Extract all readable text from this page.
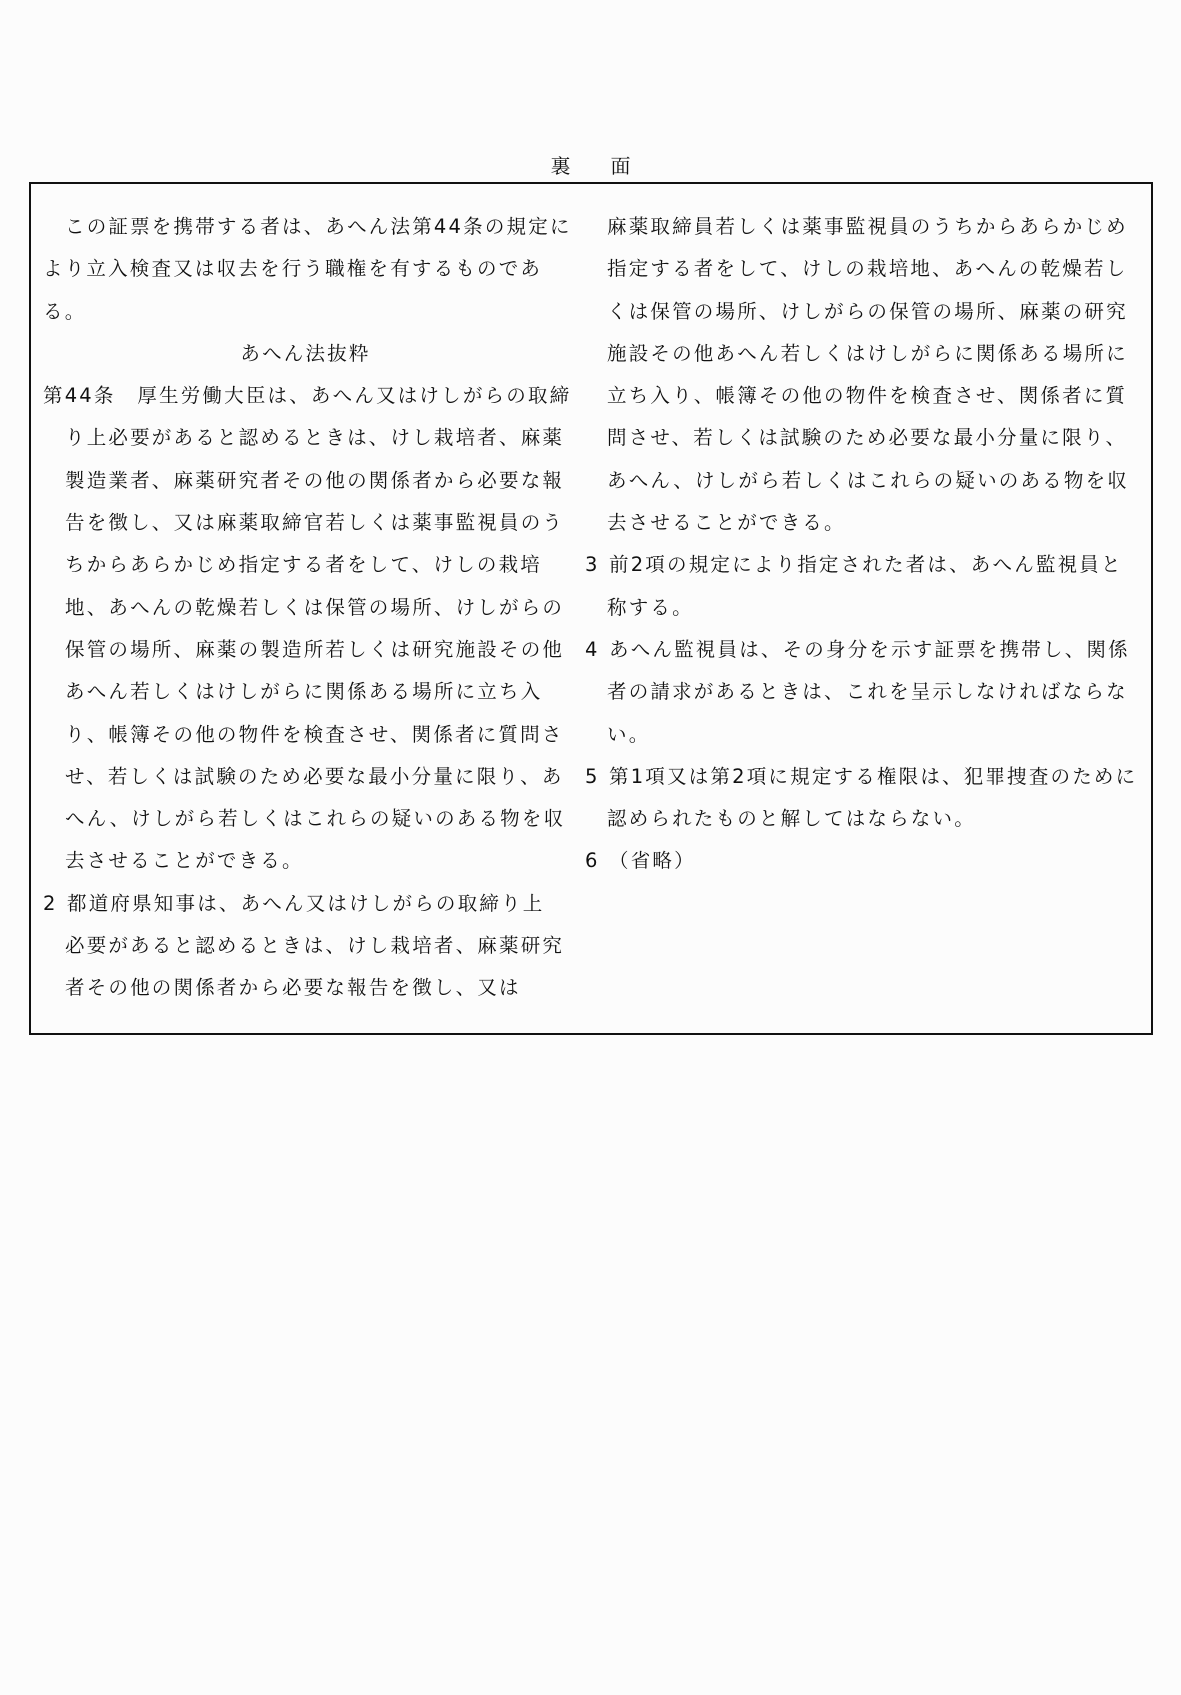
裏 面
この証票を携帯する者は、あへん法第44条の規定に
より立入検査又は収去を行う職権を有するものであ
る。
あへん法抜粋
第44条　厚生労働大臣は、あへん又はけしがらの取締
り上必要があると認めるときは、けし栽培者、麻薬
製造業者、麻薬研究者その他の関係者から必要な報
告を徴し、又は麻薬取締官若しくは薬事監視員のう
ちからあらかじめ指定する者をして、けしの栽培
地、あへんの乾燥若しくは保管の場所、けしがらの
保管の場所、麻薬の製造所若しくは研究施設その他
あへん若しくはけしがらに関係ある場所に立ち入
り、帳簿その他の物件を検査させ、関係者に質問さ
せ、若しくは試験のため必要な最小分量に限り、あ
へん、けしがら若しくはこれらの疑いのある物を収
去させることができる。
2 都道府県知事は、あへん又はけしがらの取締り上
必要があると認めるときは、けし栽培者、麻薬研究
者その他の関係者から必要な報告を徴し、又は
麻薬取締員若しくは薬事監視員のうちからあらかじめ
指定する者をして、けしの栽培地、あへんの乾燥若し
くは保管の場所、けしがらの保管の場所、麻薬の研究
施設その他あへん若しくはけしがらに関係ある場所に
立ち入り、帳簿その他の物件を検査させ、関係者に質
問させ、若しくは試験のため必要な最小分量に限り、
あへん、けしがら若しくはこれらの疑いのある物を収
去させることができる。
3 前2項の規定により指定された者は、あへん監視員と
称する。
4 あへん監視員は、その身分を示す証票を携帯し、関係
者の請求があるときは、これを呈示しなければならな
い。
5 第1項又は第2項に規定する権限は、犯罪捜査のために
認められたものと解してはならない。
6 （省略）
